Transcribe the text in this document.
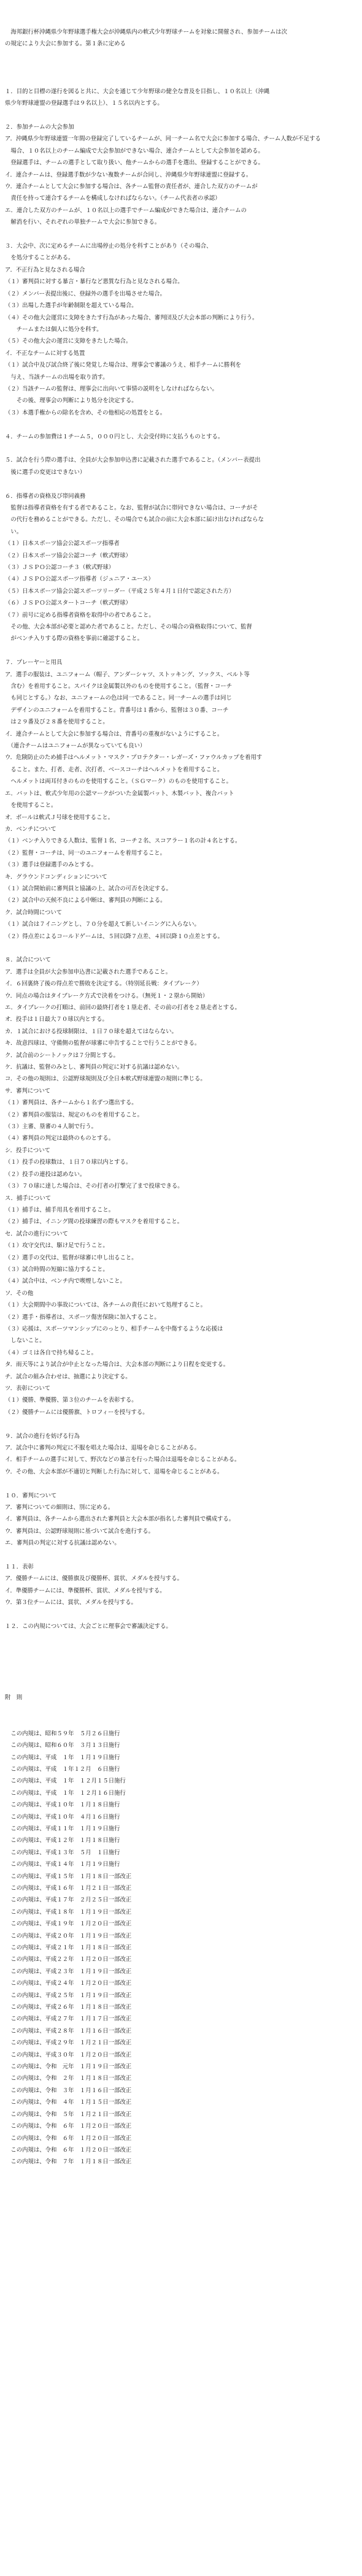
　海邦銀行杯沖縄県少年野球選手権大会が沖縄県内の軟式少年野球チームを対象に開催され、参加チームは次
の規定により大会に参加する。第１条に定める

１．目的と目標の遂行を図ると共に、大会を通じて少年野球の健全な普及を目指し、１０名以上（沖縄
県少年野球連盟の登録選手は９名以上）、１５名以内とする。
２．参加チームの大会参加
ア．沖縄県少年野球連盟一年間の登録完了しているチームが、同一チーム名で大会に参加する場合、チーム人数が不足する
　場合、１０名以上のチーム編成で大会参加ができない場合、連合チームとして大会参加を認める。
　登録選手は、チームの選手として取り扱い、他チームからの選手を選出、登録することができる。
イ．連合チームは、登録選手数が少ない複数チームが合同し、沖縄県少年野球連盟に登録する。
ウ．連合チームとして大会に参加する場合は、各チーム監督の責任者が、連合した双方のチームが
　責任を持って連合するチームを構成しなければならない。（チーム代表者の承認）
エ．連合した双方のチームが、１０名以上の選手でチーム編成ができた場合は、連合チームの
　解消を行い、それぞれの単独チームで大会に参加できる。
３．大会中、次に定めるチームに出場停止の処分を科すことがあり（その場合、
　を処分することがある。
ア．不正行為と見なされる場合
（１）審判員に対する暴言・暴行など悪質な行為と見なされる場合。
（２）メンバー表提出後に、登録外の選手を出場させた場合。
（３）出場した選手が年齢制限を超えている場合。
（４）その他大会運営に支障をきたす行為があった場合、審判団及び大会本部の判断により行う。
　　チームまたは個人に処分を科す。
（５）その他大会の運営に支障をきたした場合。
イ．不正なチームに対する処置
（１）試合中及び試合終了後に発覚した場合は、理事会で審議のうえ、相手チームに勝利を
　与え、当該チームの出場を取り消す。
（２）当該チームの監督は、理事会に出向いて事情の説明をしなければならない。
　　その後、理事会の判断により処分を決定する。
（３）本選手権からの除名を含め、その他相応の処置をとる。
４．チームの参加費は１チーム５，０００円とし、大会受付時に支払うものとする。
５．試合を行う際の選手は、全員が大会参加申込書に記載された選手であること。（メンバー表提出
　後に選手の変更はできない）
６．指導者の資格及び帯同義務
　監督は指導者資格を有する者であること。なお、監督が試合に帯同できない場合は、コーチがそ
　の代行を務めることができる。ただし、その場合でも試合の前に大会本部に届け出なければならな
　い。
（１）日本スポーツ協会公認スポーツ指導者
（２）日本スポーツ協会公認コーチ（軟式野球）
（３）ＪＳＰＯ公認コーチ３（軟式野球）
（４）ＪＳＰＯ公認スポーツ指導者（ジュニア・ユース）
（５）日本スポーツ協会公認スポーツリーダー（平成２５年４月１日付で認定された方）
（６）ＪＳＰＯ公認スタートコーチ（軟式野球）
（７）前号に定める指導者資格を取得中の者であること。
　その他、大会本部が必要と認めた者であること。ただし、その場合の資格取得について、監督
　がベンチ入りする際の資格を事前に確認すること。
７．プレーヤーと用具
ア．選手の服装は、ユニフォーム（帽子、アンダーシャツ、ストッキング、ソックス、ベルト等
　含む）を着用すること。スパイクは金属製以外のものを使用すること。（監督・コーチ
　も同じとする。）なお、ユニフォームの色は同一であること。同一チームの選手は同じ
　デザインのユニフォームを着用すること。背番号は１番から、監督は３０番、コーチ
　は２９番及び２８番を使用すること。
イ．連合チームとして大会に参加する場合は、背番号の重複がないようにすること。
　（連合チームはユニフォームが異なっていても良い）
ウ．危険防止のため捕手はヘルメット・マスク・プロテクター・レガーズ・ファウルカップを着用す
　ること。また、打者、走者、次打者、ベースコーチはヘルメットを着用すること。
　ヘルメットは両耳付きのものを使用すること。（ＳＧマーク）のものを使用すること。
エ．バットは、軟式少年用の公認マークがついた金属製バット、木製バット、複合バット
　を使用すること。
オ．ボールは軟式Ｊ号球を使用すること。
カ．ベンチについて
（１）ベンチ入りできる人数は、監督１名、コーチ２名、スコアラー１名の計４名とする。
（２）監督・コーチは、同一のユニフォームを着用すること。
（３）選手は登録選手のみとする。
キ．グラウンドコンディションについて
（１）試合開始前に審判員と協議の上、試合の可否を決定する。
（２）試合中の天候不良による中断は、審判員の判断による。
ク．試合時間について
（１）試合は７イニングとし、７０分を超えて新しいイニングに入らない。
（２）得点差によるコールドゲームは、５回以降７点差、４回以降１０点差とする。
８．試合について
ア．選手は全員が大会参加申込書に記載された選手であること。
イ．６回裏終了後の得点差で勝敗を決定する。（特別延長戦：タイブレーク）
ウ．同点の場合はタイブレーク方式で決着をつける。（無死１・２塁から開始）
エ．タイブレークの打順は、前回の最終打者を１塁走者、その前の打者を２塁走者とする。
オ．投手は１日最大７０球以内とする。
カ．１試合における投球制限は、１日７０球を超えてはならない。
キ．故意四球は、守備側の監督が球審に申告することで行うことができる。
ク．試合前のシートノックは７分間とする。
ケ．抗議は、監督のみとし、審判員の判定に対する抗議は認めない。
コ．その他の規則は、公認野球規則及び全日本軟式野球連盟の規則に準じる。
サ．審判について
（１）審判員は、各チームから１名ずつ選出する。
（２）審判員の服装は、規定のものを着用すること。
（３）主審、塁審の４人制で行う。
（４）審判員の判定は最終のものとする。
シ．投手について
（１）投手の投球数は、１日７０球以内とする。
（２）投手の連投は認めない。
（３）７０球に達した場合は、その打者の打撃完了まで投球できる。
ス．捕手について
（１）捕手は、捕手用具を着用すること。
（２）捕手は、イニング間の投球練習の際もマスクを着用すること。
セ．試合の進行について
（１）攻守交代は、駆け足で行うこと。
（２）選手の交代は、監督が球審に申し出ること。
（３）試合時間の短縮に協力すること。
（４）試合中は、ベンチ内で喫煙しないこと。
ソ．その他
（１）大会期間中の事故については、各チームの責任において処理すること。
（２）選手・指導者は、スポーツ傷害保険に加入すること。
（３）応援は、スポーツマンシップにのっとり、相手チームを中傷するような応援は
　しないこと。
（４）ゴミは各自で持ち帰ること。
タ．雨天等により試合が中止となった場合は、大会本部の判断により日程を変更する。
チ．試合の組み合わせは、抽選により決定する。
ツ．表彰について
（１）優勝、準優勝、第３位のチームを表彰する。
（２）優勝チームには優勝旗、トロフィーを授与する。
９．試合の進行を妨げる行為
ア．試合中に審判の判定に不服を唱えた場合は、退場を命じることがある。
イ．相手チームの選手に対して、野次などの暴言を行った場合は退場を命じることがある。
ウ．その他、大会本部が不適切と判断した行為に対して、退場を命じることがある。
１０．審判について
ア．審判についての細則は、別に定める。
イ．審判員は、各チームから選出された審判員と大会本部が指名した審判員で構成する。
ウ．審判員は、公認野球規則に基づいて試合を進行する。
エ．審判員の判定に対する抗議は認めない。
１１．表彰
ア．優勝チームには、優勝旗及び優勝杯、賞状、メダルを授与する。
イ．準優勝チームには、準優勝杯、賞状、メダルを授与する。
ウ．第３位チームには、賞状、メダルを授与する。
１２．この内規については、大会ごとに理事会で審議決定する。

附　則

　この内規は、昭和５９年　５月２６日施行
　この内規は、昭和６０年　３月１３日施行
　この内規は、平成　１年　１月１９日施行
　この内規は、平成　１年１２月　６日施行
　この内規は、平成　１年　１２月１５日施行
　この内規は、平成　１年　１２月１６日施行
　この内規は、平成１０年　１月１８日施行
　この内規は、平成１０年　４月１６日施行
　この内規は、平成１１年　１月１９日施行
　この内規は、平成１２年　１月１８日施行
　この内規は、平成１３年　５月　１日施行
　この内規は、平成１４年　１月１９日施行
　この内規は、平成１５年　１月１８日一部改正
　この内規は、平成１６年　１月２１日一部改正
　この内規は、平成１７年　２月２５日一部改正
　この内規は、平成１８年　１月１９日一部改正
　この内規は、平成１９年　１月２０日一部改正
　この内規は、平成２０年　１月１９日一部改正
　この内規は、平成２１年　１月１８日一部改正
　この内規は、平成２２年　１月２０日一部改正
　この内規は、平成２３年　１月１９日一部改正
　この内規は、平成２４年　１月２０日一部改正
　この内規は、平成２５年　１月１９日一部改正
　この内規は、平成２６年　１月１８日一部改正
　この内規は、平成２７年　１月１７日一部改正
　この内規は、平成２８年　１月１６日一部改正
　この内規は、平成２９年　１月２１日一部改正
　この内規は、平成３０年　１月２０日一部改正
　この内規は、令和　元年　１月１９日一部改正
　この内規は、令和　２年　１月１８日一部改正
　この内規は、令和　３年　１月１６日一部改正
　この内規は、令和　４年　１月１５日一部改正
　この内規は、令和　５年　１月２１日一部改正
　この内規は、令和　６年　１月２０日一部改正
　この内規は、令和　６年　１月２０日一部改正
　この内規は、令和　６年　１月２０日一部改正
　この内規は、令和　７年　１月１８日一部改正
